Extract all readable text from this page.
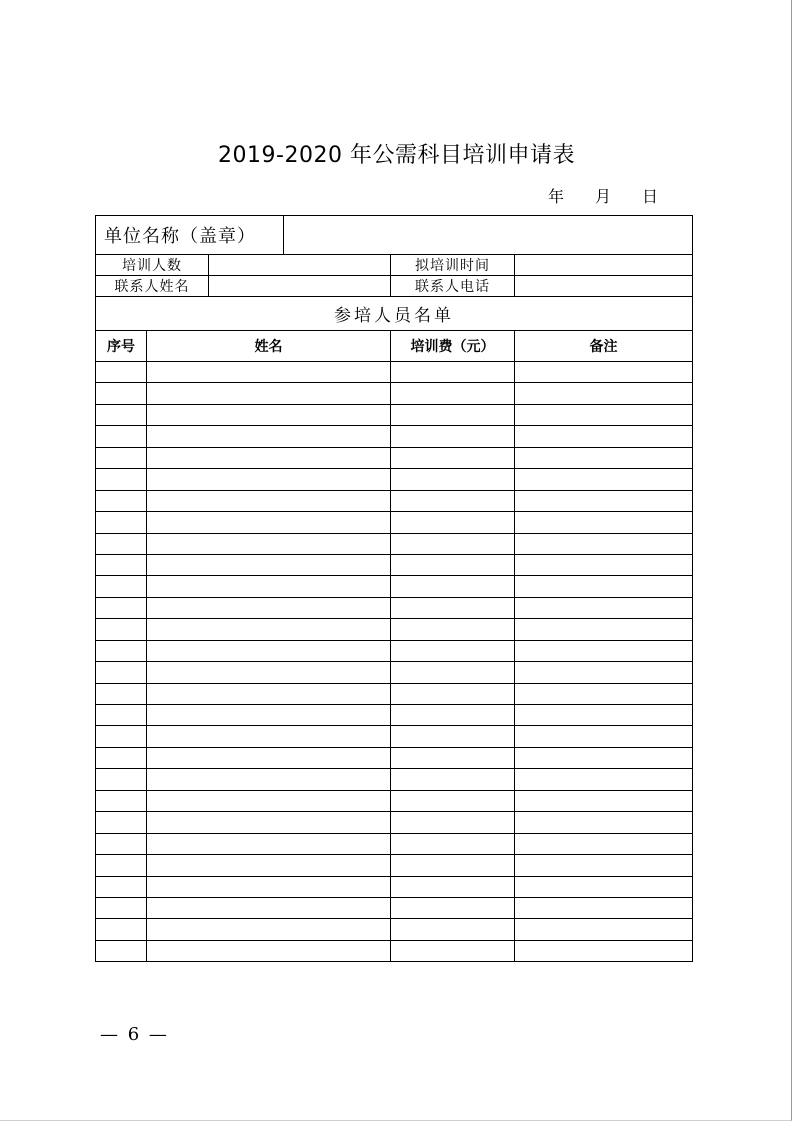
2019-2020 年公需科目培训申请表
年 月 日
单位名称（盖章）					
培训人数				拟培训时间	
联系人姓名				联系人电话	
参培人员名单					
序号	姓名			培训费（元）	备注

— 6 —
